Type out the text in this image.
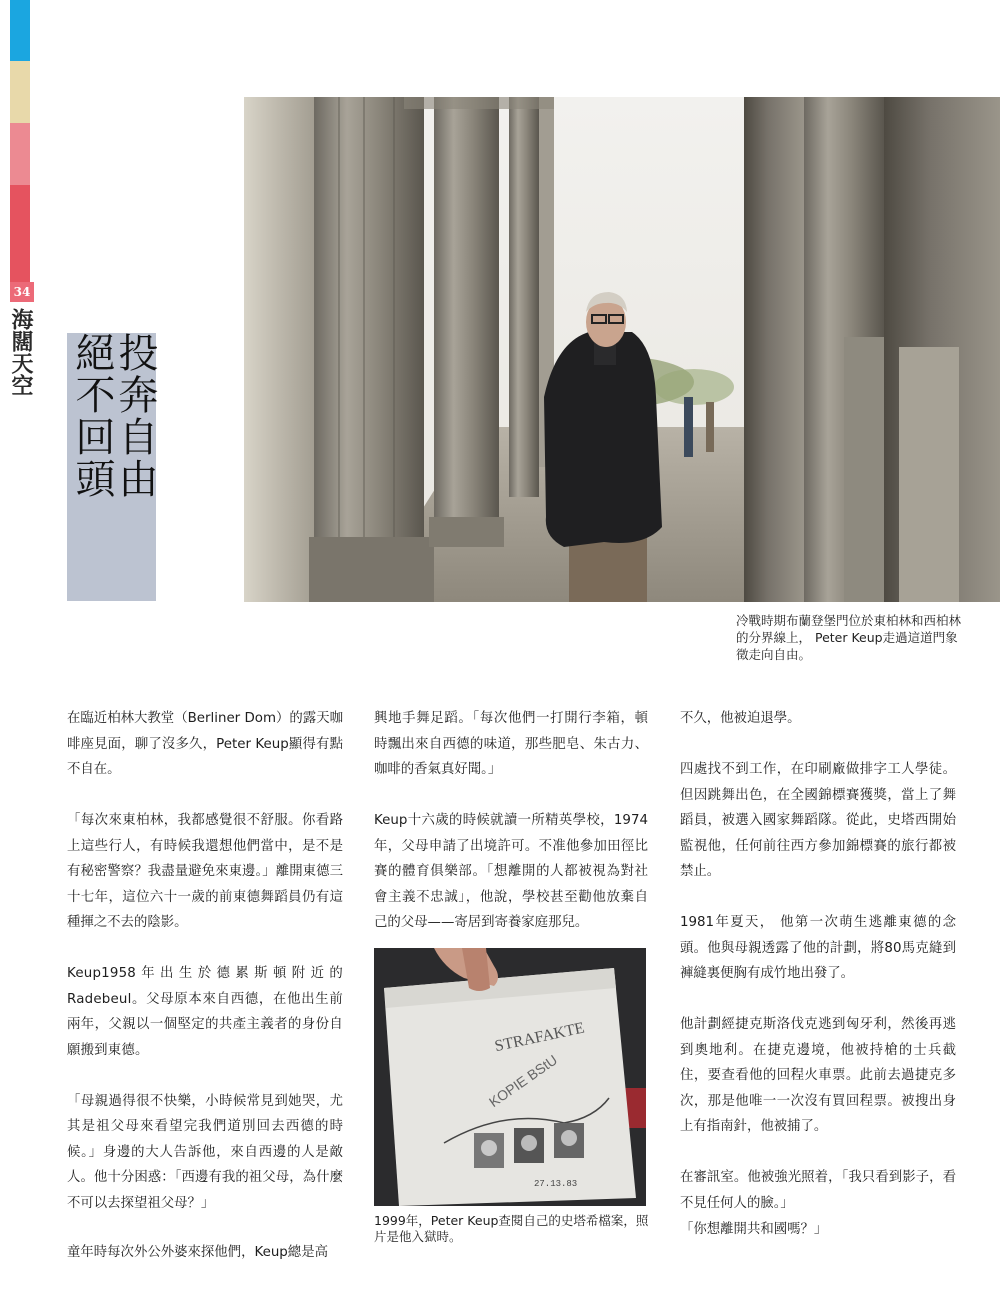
34
海闊天空	投奔自由絕不回頭
冷戰時期布蘭登堡門位於東柏林和西柏林的分界線上， Peter Keup走過這道門象徵走向自由。

在臨近柏林大教堂（Berliner Dom）的露天咖啡座見面，聊了沒多久，Peter Keup顯得有點不自在。

「每次來東柏林，我都感覺很不舒服。你看路上這些行人，有時候我還想他們當中，是不是有秘密警察？我盡量避免來東邊。」離開東德三十七年，這位六十一歲的前東德舞蹈員仍有這種揮之不去的陰影。

Keup1958年出生於德累斯頓附近的Radebeul。父母原本來自西德，在他出生前兩年，父親以一個堅定的共產主義者的身份自願搬到東德。

「母親過得很不快樂，小時候常見到她哭，尤其是祖父母來看望完我們道別回去西德的時候。」身邊的大人告訴他，來自西邊的人是敵人。他十分困惑：「西邊有我的祖父母，為什麼不可以去探望祖父母？」

童年時每次外公外婆來探他們，Keup總是高

興地手舞足蹈。「每次他們一打開行李箱，頓時飄出來自西德的味道，那些肥皂、朱古力、咖啡的香氣真好聞。」

Keup十六歲的時候就讀一所精英學校，1974年，父母申請了出境許可。不准他參加田徑比賽的體育俱樂部。「想離開的人都被視為對社會主義不忠誠」，他說，學校甚至勸他放棄自己的父母——寄居到寄養家庭那兒。

STRAFAKTE
KOPIE BStU
27.13.83
1999年，Peter Keup查閱自己的史塔希檔案，照片是他入獄時。

不久，他被迫退學。

四處找不到工作，在印刷廠做排字工人學徒。但因跳舞出色，在全國錦標賽獲獎，當上了舞蹈員，被選入國家舞蹈隊。從此，史塔西開始監視他，任何前往西方參加錦標賽的旅行都被禁止。

1981年夏天， 他第一次萌生逃離東德的念頭。他與母親透露了他的計劃，將80馬克縫到褲縫裏便胸有成竹地出發了。

他計劃經捷克斯洛伐克逃到匈牙利，然後再逃到奧地利。在捷克邊境，他被持槍的士兵截住，要查看他的回程火車票。此前去過捷克多次，那是他唯一一次沒有買回程票。被搜出身上有指南針，他被捕了。

在審訊室。他被強光照着，「我只看到影子，看不見任何人的臉。」

「你想離開共和國嗎？」
